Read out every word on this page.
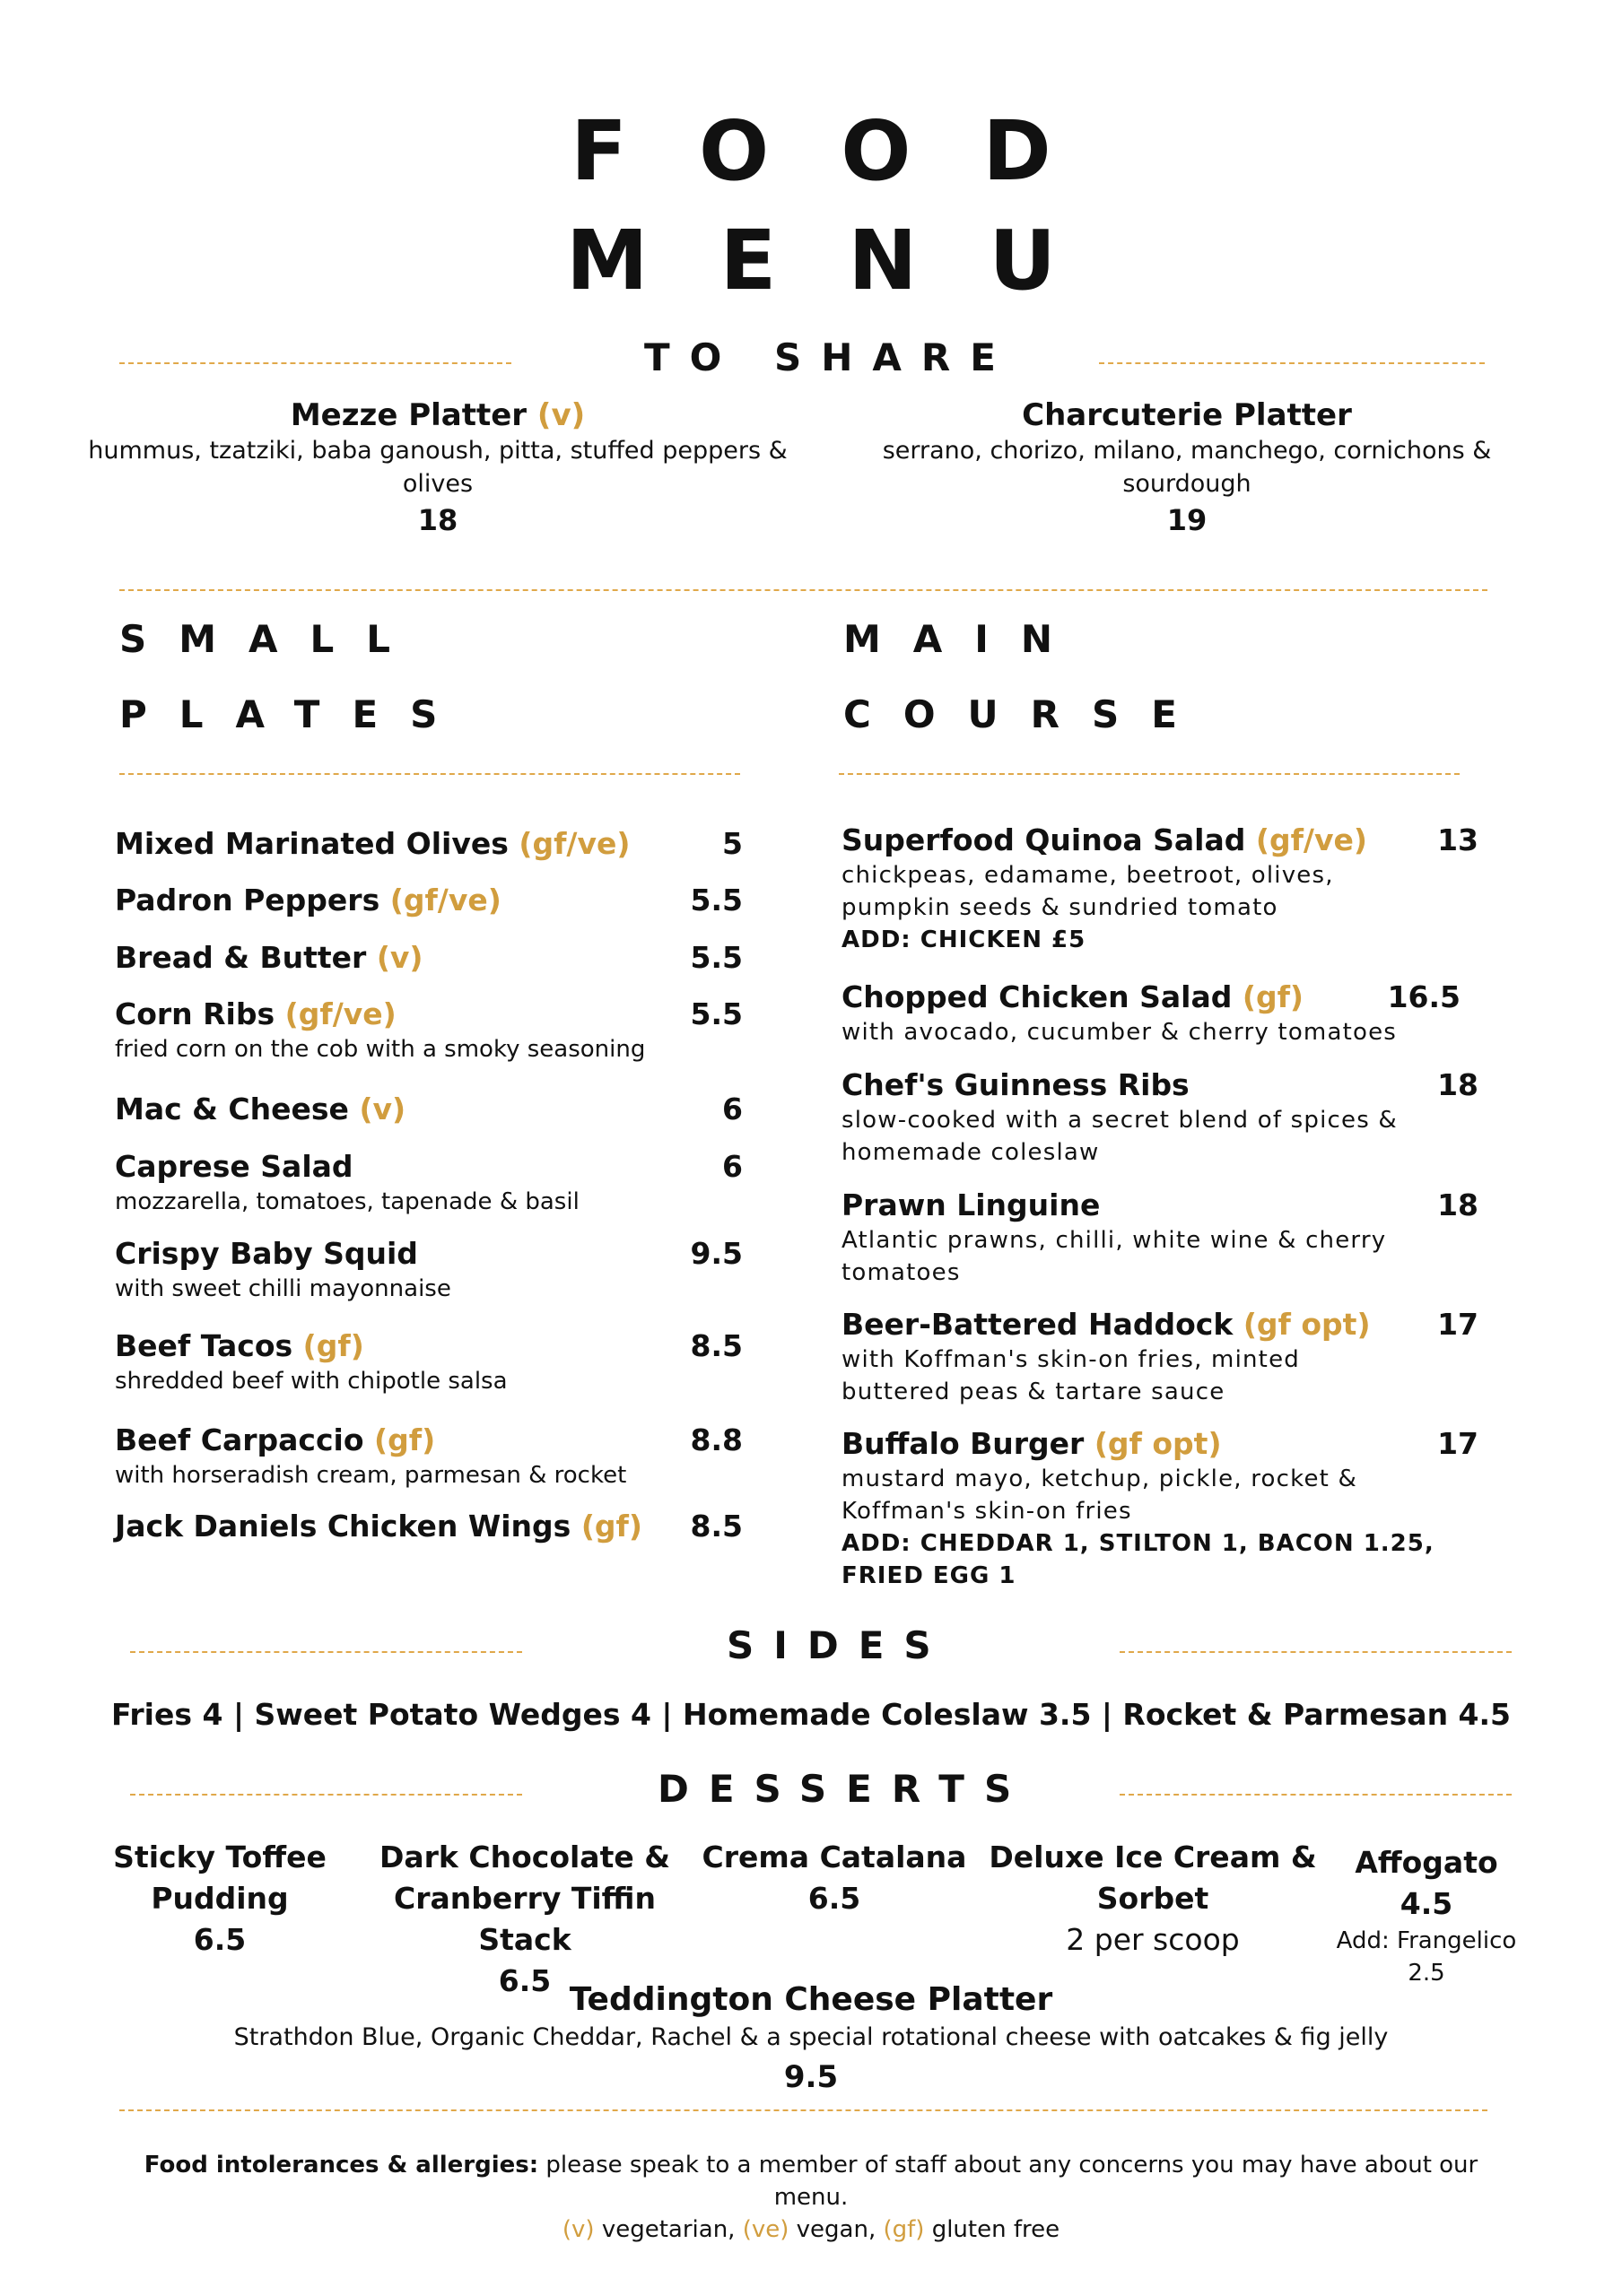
FOOD
MENU
TO SHARE
Mezze Platter (v)
hummus, tzatziki, baba ganoush, pitta, stuffed peppers &
olives
18
Charcuterie Platter
serrano, chorizo, milano, manchego, cornichons &
sourdough
19
SMALL
PLATES
MAIN
COURSE
Mixed Marinated Olives (gf/ve)	5
Padron Peppers (gf/ve)	5.5
Bread & Butter (v)	5.5
Corn Ribs (gf/ve)	5.5
fried corn on the cob with a smoky seasoning
Mac & Cheese (v)	6
Caprese Salad	6
mozzarella, tomatoes, tapenade & basil
Crispy Baby Squid	9.5
with sweet chilli mayonnaise
Beef Tacos (gf)	8.5
shredded beef with chipotle salsa
Beef Carpaccio (gf)	8.8
with horseradish cream, parmesan & rocket
Jack Daniels Chicken Wings (gf) 8.5
Superfood Quinoa Salad (gf/ve) 13
chickpeas, edamame, beetroot, olives,
pumpkin seeds & sundried tomato
ADD: CHICKEN £5
Chopped Chicken Salad (gf)	16.5
with avocado, cucumber & cherry tomatoes
Chef's Guinness Ribs	18
slow-cooked with a secret blend of spices &
homemade coleslaw
Prawn Linguine	18
Atlantic prawns, chilli, white wine & cherry
tomatoes
Beer-Battered Haddock (gf opt) 17
with Koffman's skin-on fries, minted
buttered peas & tartare sauce
Buffalo Burger (gf opt)	17
mustard mayo, ketchup, pickle, rocket &
Koffman's skin-on fries
ADD: CHEDDAR 1, STILTON 1, BACON 1.25,
FRIED EGG 1
SIDES
Fries 4 | Sweet Potato Wedges 4 | Homemade Coleslaw 3.5 | Rocket & Parmesan 4.5
DESSERTS
Sticky Toffee
Pudding
6.5
Dark Chocolate &
Cranberry Tiffin Stack
6.5
Crema Catalana
6.5
Deluxe Ice Cream &
Sorbet
2 per scoop
Affogato
4.5
Add: Frangelico
2.5
Teddington Cheese Platter
Strathdon Blue, Organic Cheddar, Rachel & a special rotational cheese with oatcakes & fig jelly
9.5
Food intolerances & allergies: please speak to a member of staff about any concerns you may have about our
menu.
(v) vegetarian, (ve) vegan, (gf) gluten free
